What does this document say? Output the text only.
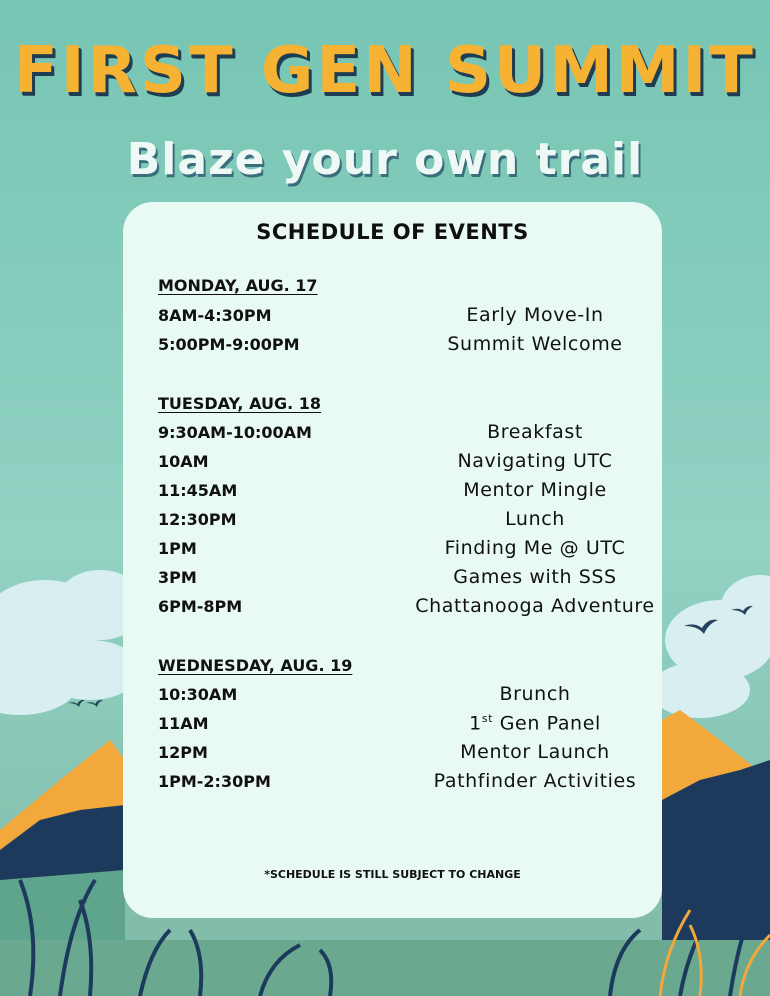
FIRST GEN SUMMIT
Blaze your own trail
SCHEDULE OF EVENTS
MONDAY, AUG. 17
8AM-4:30PM	Early Move-In
5:00PM-9:00PM	Summit Welcome
TUESDAY, AUG. 18
9:30AM-10:00AM	Breakfast
10AM	Navigating UTC
11:45AM	Mentor Mingle
12:30PM	Lunch
1PM	Finding Me @ UTC
3PM	Games with SSS
6PM-8PM	Chattanooga Adventure
WEDNESDAY, AUG. 19
10:30AM	Brunch
11AM	1st Gen Panel
12PM	Mentor Launch
1PM-2:30PM	Pathfinder Activities
*SCHEDULE IS STILL SUBJECT TO CHANGE
